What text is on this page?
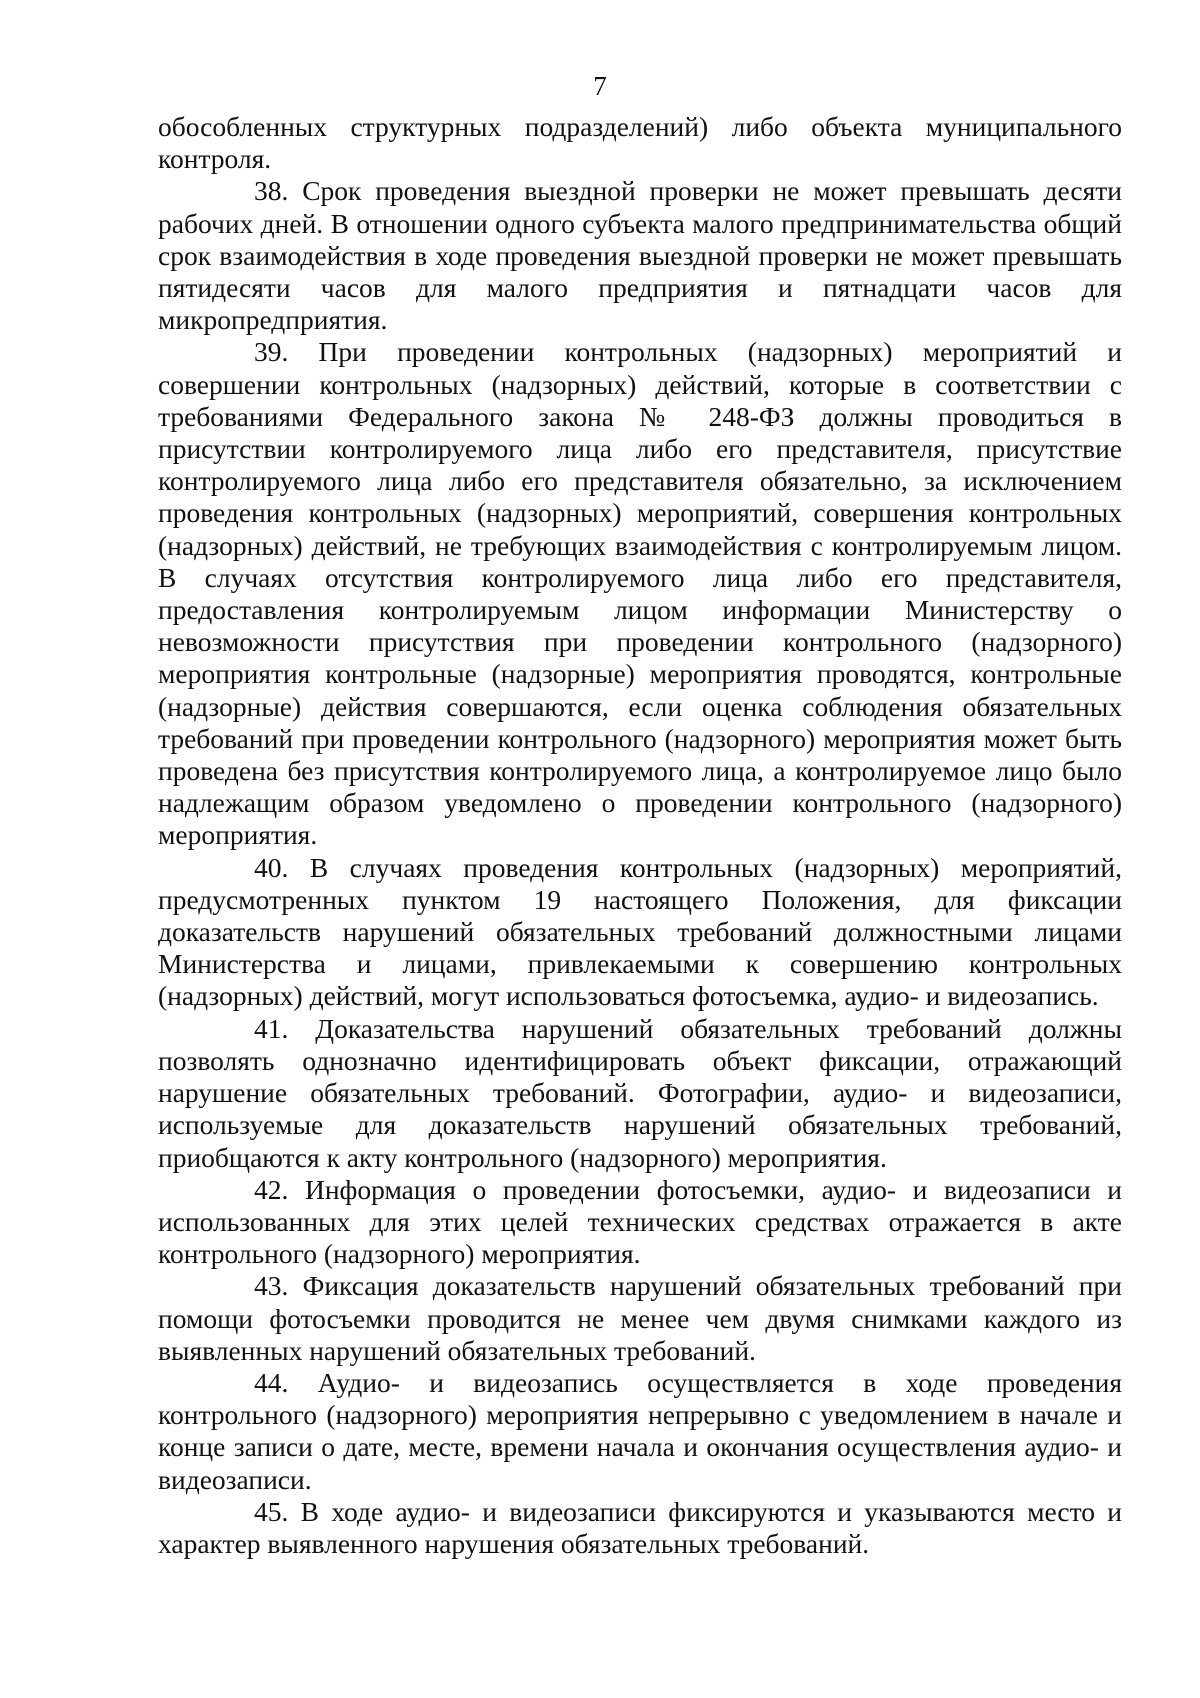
7

обособленных структурных подразделений) либо объекта муниципального контроля.

38. Срок проведения выездной проверки не может превышать десяти рабочих дней. В отношении одного субъекта малого предпринимательства общий срок взаимодействия в ходе проведения выездной проверки не может превышать пятидесяти часов для малого предприятия и пятнадцати часов для микропредприятия.

39. При проведении контрольных (надзорных) мероприятий и совершении контрольных (надзорных) действий, которые в соответствии с требованиями Федерального закона № 248-ФЗ должны проводиться в присутствии контролируемого лица либо его представителя, присутствие контролируемого лица либо его представителя обязательно, за исключением проведения контрольных (надзорных) мероприятий, совершения контрольных (надзорных) действий, не требующих взаимодействия с контролируемым лицом. В случаях отсутствия контролируемого лица либо его представителя, предоставления контролируемым лицом информации Министерству о невозможности присутствия при проведении контрольного (надзорного) мероприятия контрольные (надзорные) мероприятия проводятся, контрольные (надзорные) действия совершаются, если оценка соблюдения обязательных требований при проведении контрольного (надзорного) мероприятия может быть проведена без присутствия контролируемого лица, а контролируемое лицо было надлежащим образом уведомлено о проведении контрольного (надзорного) мероприятия.

40. В случаях проведения контрольных (надзорных) мероприятий, предусмотренных пунктом 19 настоящего Положения, для фиксации доказательств нарушений обязательных требований должностными лицами Министерства и лицами, привлекаемыми к совершению контрольных (надзорных) действий, могут использоваться фотосъемка, аудио- и видеозапись.

41. Доказательства нарушений обязательных требований должны позволять однозначно идентифицировать объект фиксации, отражающий нарушение обязательных требований. Фотографии, аудио- и видеозаписи, используемые для доказательств нарушений обязательных требований, приобщаются к акту контрольного (надзорного) мероприятия.

42. Информация о проведении фотосъемки, аудио- и видеозаписи и использованных для этих целей технических средствах отражается в акте контрольного (надзорного) мероприятия.

43. Фиксация доказательств нарушений обязательных требований при помощи фотосъемки проводится не менее чем двумя снимками каждого из выявленных нарушений обязательных требований.

44. Аудио- и видеозапись осуществляется в ходе проведения контрольного (надзорного) мероприятия непрерывно с уведомлением в начале и конце записи о дате, месте, времени начала и окончания осуществления аудио- и видеозаписи.

45. В ходе аудио- и видеозаписи фиксируются и указываются место и характер выявленного нарушения обязательных требований.
